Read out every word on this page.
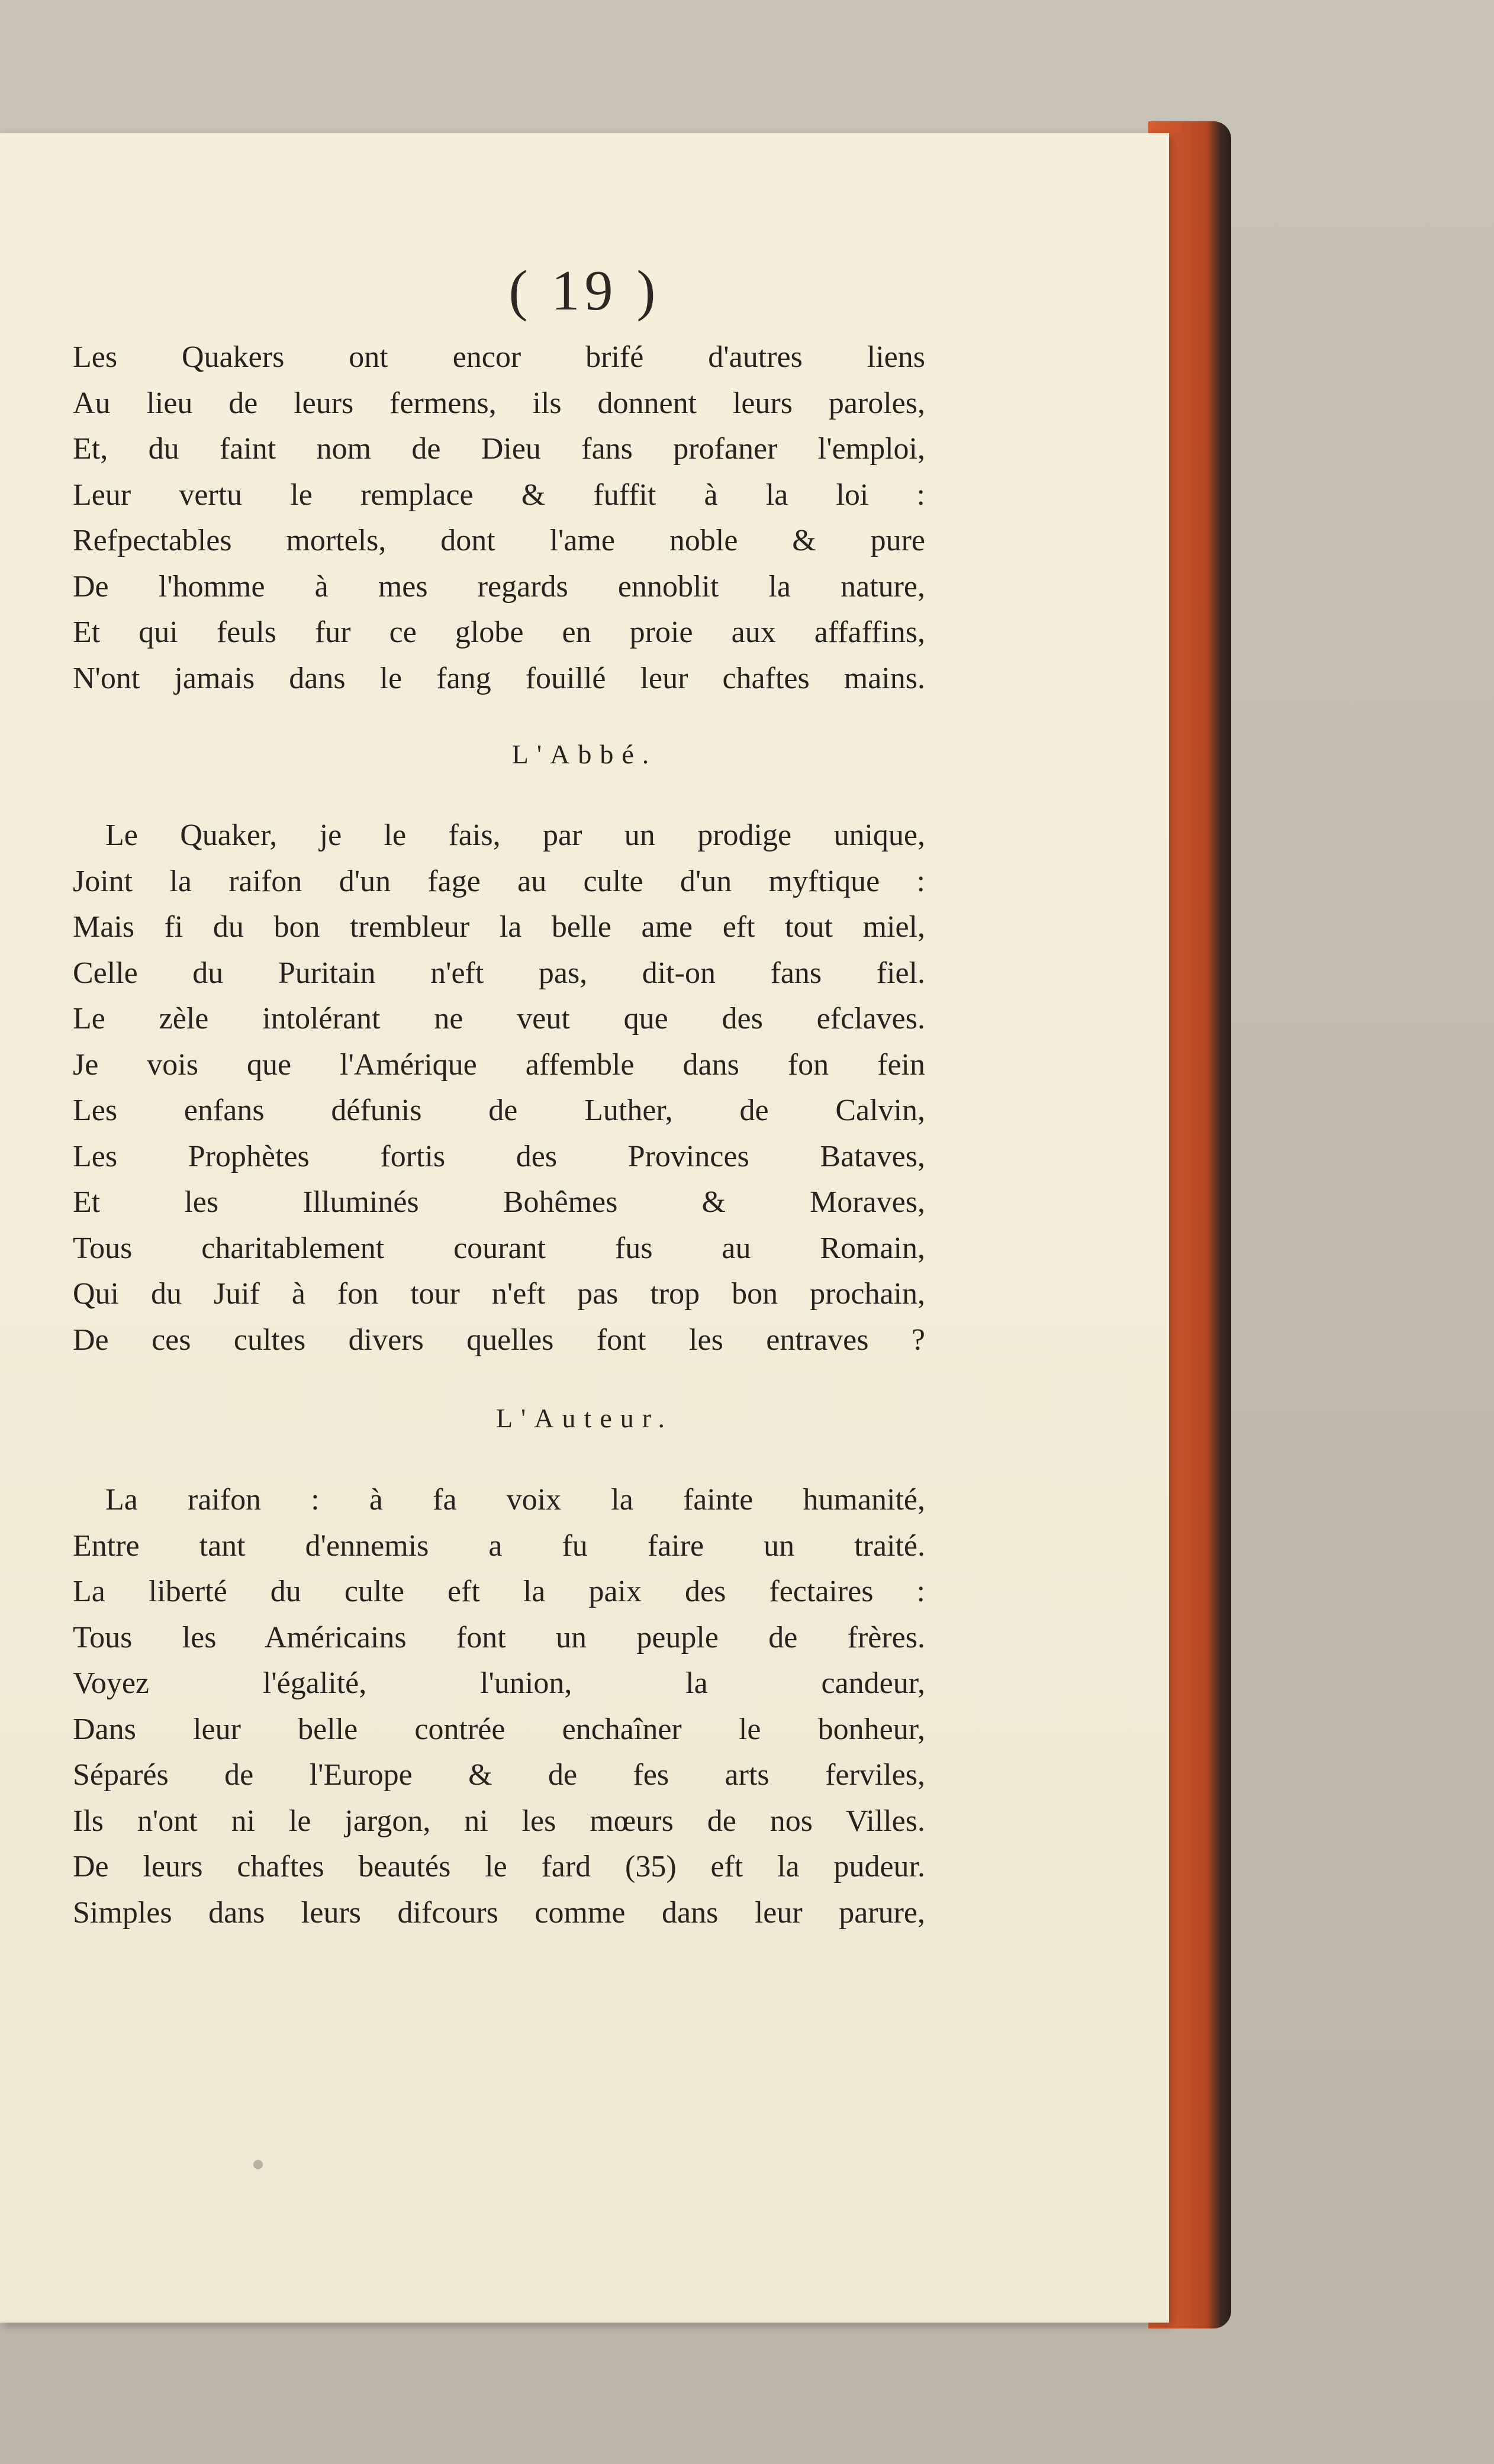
( 19 )
Les Quakers ont encor brifé d'autres liens
Au lieu de leurs fermens, ils donnent leurs paroles,
Et, du faint nom de Dieu fans profaner l'emploi,
Leur vertu le remplace & fuffit à la loi :
Refpectables mortels, dont l'ame noble & pure
De l'homme à mes regards ennoblit la nature,
Et qui feuls fur ce globe en proie aux affaffins,
N'ont jamais dans le fang fouillé leur chaftes mains.
L'Abbé.
Le Quaker, je le fais, par un prodige unique,
Joint la raifon d'un fage au culte d'un myftique :
Mais fi du bon trembleur la belle ame eft tout miel,
Celle du Puritain n'eft pas, dit-on fans fiel.
Le zèle intolérant ne veut que des efclaves.
Je vois que l'Amérique affemble dans fon fein
Les enfans défunis de Luther, de Calvin,
Les Prophètes fortis des Provinces Bataves,
Et les Illuminés Bohêmes & Moraves,
Tous charitablement courant fus au Romain,
Qui du Juif à fon tour n'eft pas trop bon prochain,
De ces cultes divers quelles font les entraves ?
L'Auteur.
La raifon : à fa voix la fainte humanité,
Entre tant d'ennemis a fu faire un traité.
La liberté du culte eft la paix des fectaires :
Tous les Américains font un peuple de frères.
Voyez l'égalité, l'union, la candeur,
Dans leur belle contrée enchaîner le bonheur,
Séparés de l'Europe & de fes arts ferviles,
Ils n'ont ni le jargon, ni les mœurs de nos Villes.
De leurs chaftes beautés le fard (35) eft la pudeur.
Simples dans leurs difcours comme dans leur parure,
